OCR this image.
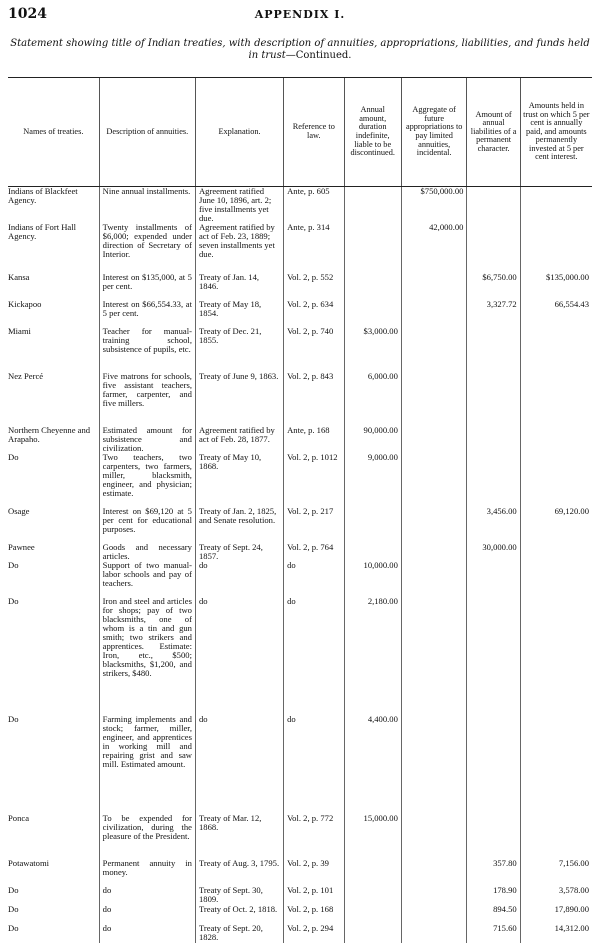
1024	APPENDIX I.
Statement showing title of Indian treaties, with description of annuities, appropriations, liabilities, and funds held in trust—Continued.
Names of treaties.	Description of annuities.	Explanation.	Reference to law.	Annual amount, duration indefinite, liable to be discontinued.	Aggregate of future appropriations to pay limited annuities, incidental.	Amount of annual liabilities of a permanent character.	Amounts held in trust on which 5 per cent is annually paid, and amounts permanently invested at 5 per cent interest.
Indians of Blackfeet Agency.	Nine annual installments.	Agreement ratified June 10, 1896, art. 2; five installments yet due.	Ante, p. 605		$750,000.00		
Indians of Fort Hall Agency.	Twenty installments of $6,000; expended under direction of Secretary of Interior.	Agreement ratified by act of Feb. 23, 1889; seven installments yet due.	Ante, p. 314		42,000.00		
Kansa	Interest on $135,000, at 5 per cent.	Treaty of Jan. 14, 1846.	Vol. 2, p. 552			$6,750.00	$135,000.00
Kickapoo	Interest on $66,554.33, at 5 per cent.	Treaty of May 18, 1854.	Vol. 2, p. 634			3,327.72	66,554.43
Miami	Teacher for manual-training school, subsistence of pupils, etc.	Treaty of Dec. 21, 1855.	Vol. 2, p. 740	$3,000.00			
Nez Percé	Five matrons for schools, five assistant teachers, farmer, carpenter, and five millers.	Treaty of June 9, 1863.	Vol. 2, p. 843	6,000.00			
Northern Cheyenne and Arapaho.	Estimated amount for subsistence and civilization.	Agreement ratified by act of Feb. 28, 1877.	Ante, p. 168	90,000.00			
Do	Two teachers, two carpenters, two farmers, miller, blacksmith, engineer, and physician; estimate.	Treaty of May 10, 1868.	Vol. 2, p. 1012	9,000.00			
Osage	Interest on $69,120 at 5 per cent for educational purposes.	Treaty of Jan. 2, 1825, and Senate resolution.	Vol. 2, p. 217			3,456.00	69,120.00
Pawnee	Goods and necessary articles.	Treaty of Sept. 24, 1857.	Vol. 2, p. 764			30,000.00	
Do	Support of two manual-labor schools and pay of teachers.	do	do	10,000.00			
Do	Iron and steel and articles for shops; pay of two blacksmiths, one of whom is a tin and gun smith; two strikers and apprentices. Estimate: Iron, etc., $500; blacksmiths, $1,200, and strikers, $480.	do	do	2,180.00			
Do	Farming implements and stock; farmer, miller, engineer, and apprentices in working mill and repairing grist and saw mill. Estimated amount.	do	do	4,400.00			
Ponca	To be expended for civilization, during the pleasure of the President.	Treaty of Mar. 12, 1868.	Vol. 2, p. 772	15,000.00			
Potawatomi	Permanent annuity in money.	Treaty of Aug. 3, 1795.	Vol. 2, p. 39			357.80	7,156.00
Do	do	Treaty of Sept. 30, 1809.	Vol. 2, p. 101			178.90	3,578.00
Do	do	Treaty of Oct. 2, 1818.	Vol. 2, p. 168			894.50	17,890.00
Do	do	Treaty of Sept. 20, 1828.	Vol. 2, p. 294			715.60	14,312.00
